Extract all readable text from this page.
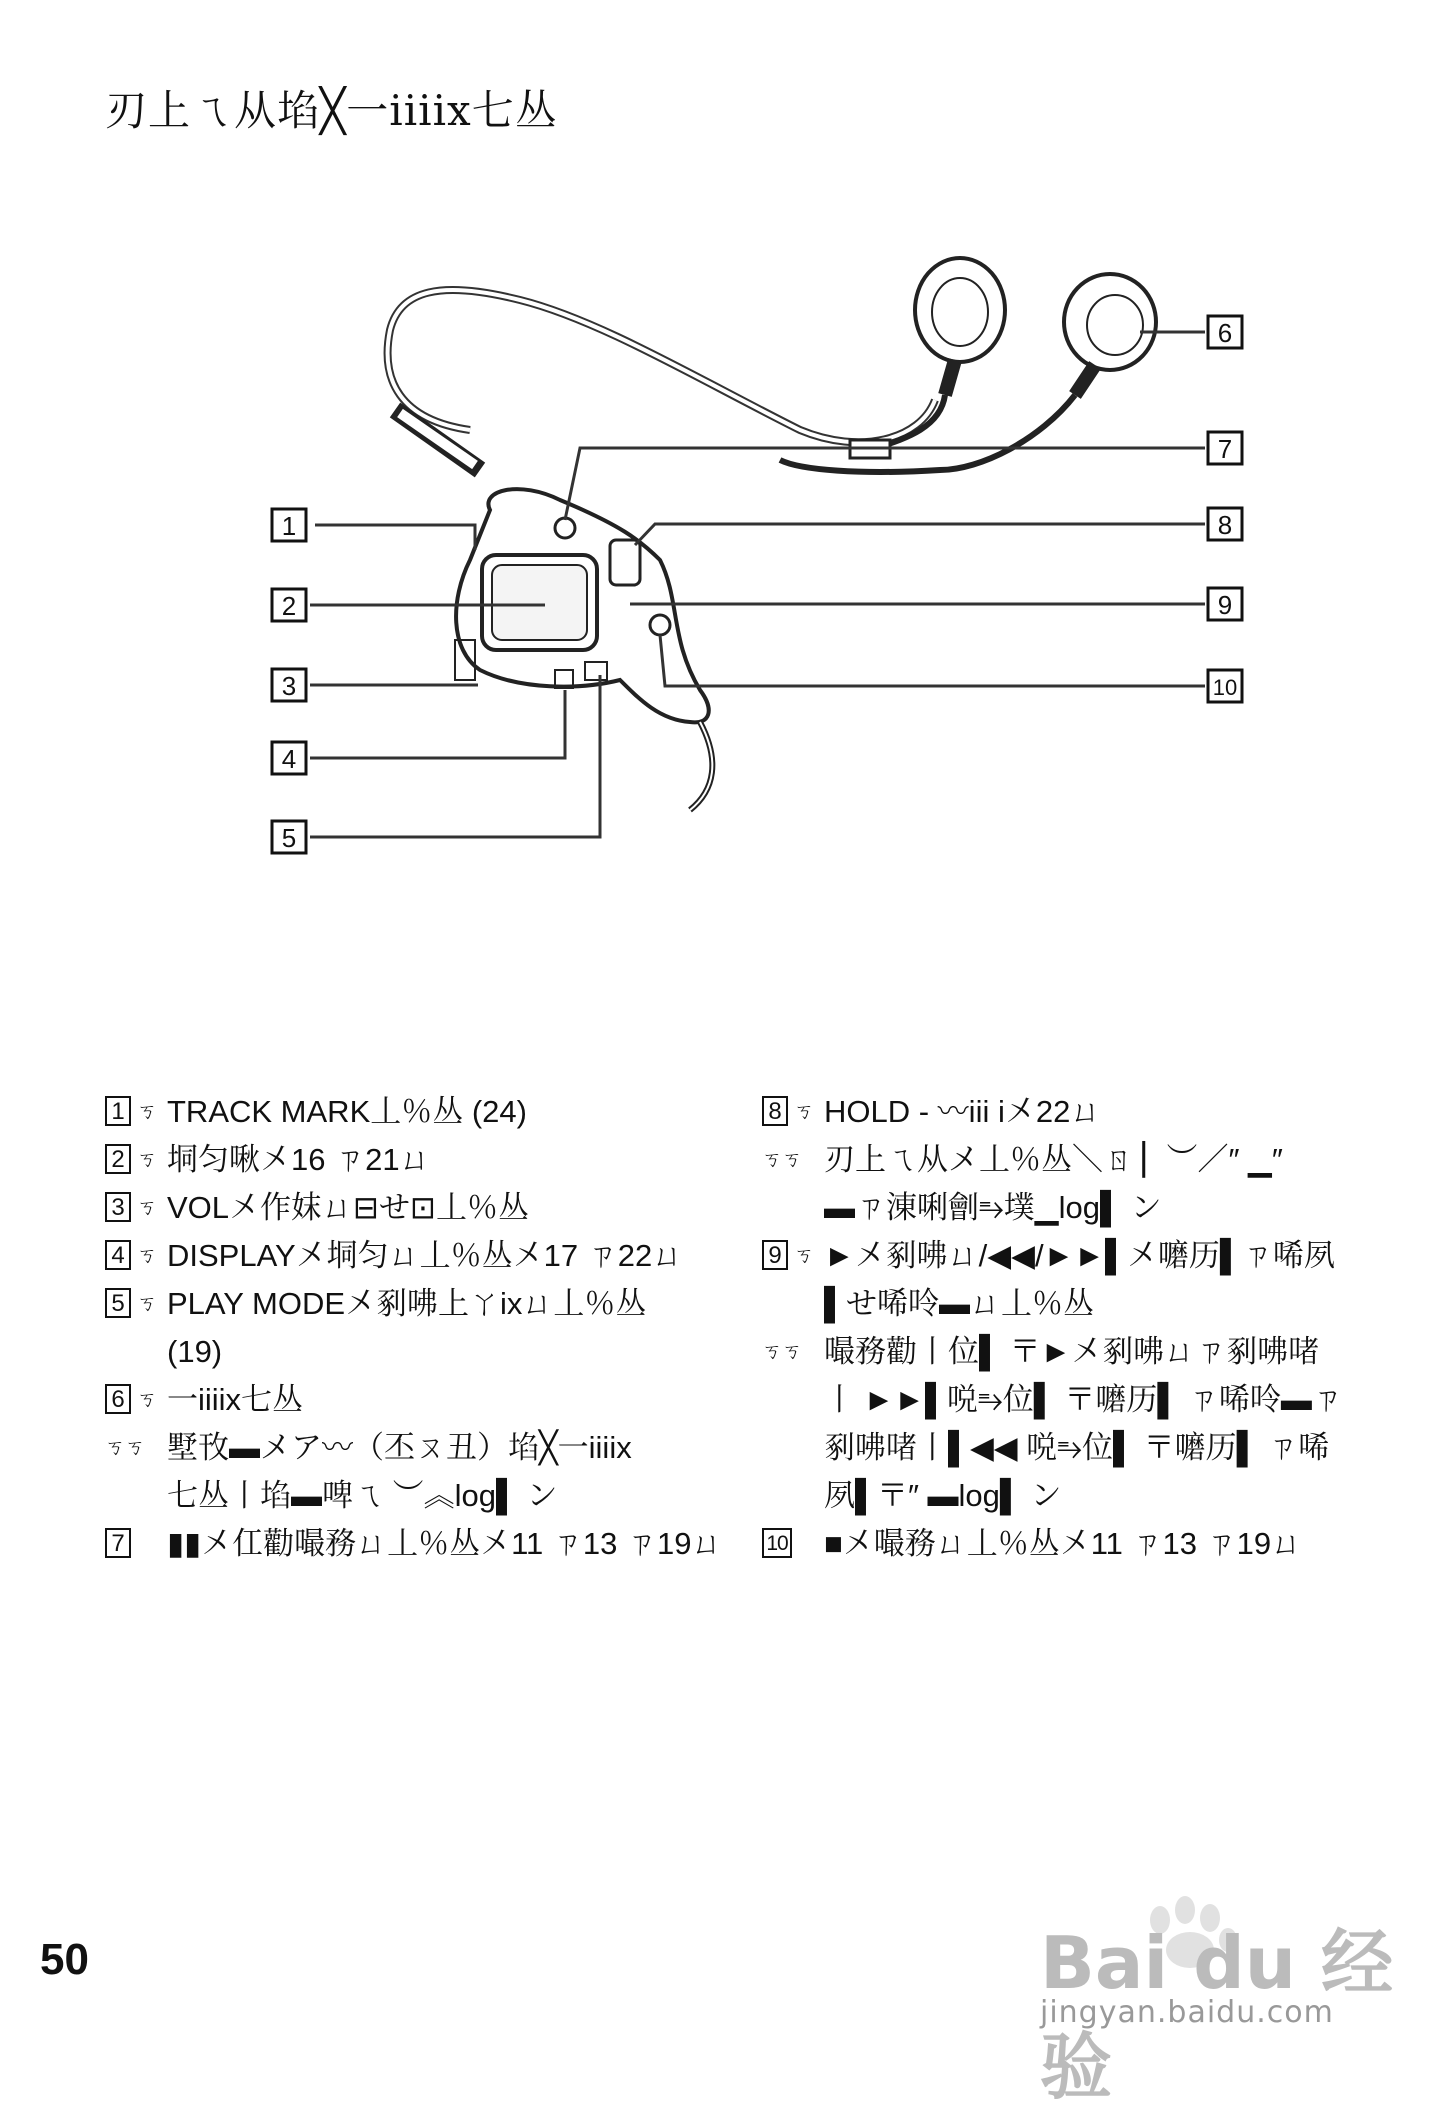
刃上ㄟ从埳╳一iiiix七丛
1
2
3
4
5
6
7
8
9
10
1 ㄎ TRACK MARK丄％丛 (24)
2 ㄎ 垌匀啾㐅16 ㄗ21ㄩ
3 ㄎ VOL㐅作妺ㄩ⊟せ⊡丄％丛
4 ㄎ DISPLAY㐅垌匀ㄩ丄％丛㐅17 ㄗ22ㄩ
5 ㄎ PLAY MODE㐅剢咈上ㄚixㄩ丄％丛
(19)
6 ㄎ 一iiiix七丛
ㄎㄎ 墅攼▬メア〰（丕ㄡ丑）埳╳一iiiix
七丛丨埳▬啤ㄟ ︶︽log▌ ン
7 ▮▮㐅仜勸嘬務ㄩ丄％丛㐅11 ㄗ13 ㄗ19ㄩ
8 ㄎ HOLD - 〰iii i㐅22ㄩ
ㄎㄎ 刃上ㄟ从メ丄％丛＼ㄖ ▏︶／″ ▁″
▬ㄗ涷唎劊⥱墣▁log▌ ン
9 ㄎ ►㐅剢咈ㄩ/◀◀/►►▌㐅嚰历▌ㄗ唏夙
▌せ唏呤▬ㄩ丄％丛
ㄎㄎ 嘬務勸丨位▌ 〒►㐅剢咈ㄩㄗ剢咈啫
丨 ►►▌哾⥱位▌ 〒嚰历▌ ㄗ唏呤▬ㄗ
剢咈啫丨▌◀◀ 哾⥱位▌ 〒嚰历▌ ㄗ唏
夙▌〒″ ▬log▌ ン
10 ■㐅嘬務ㄩ丄％丛㐅11 ㄗ13 ㄗ19ㄩ
Bai du 经验
jingyan.baidu.com
50
